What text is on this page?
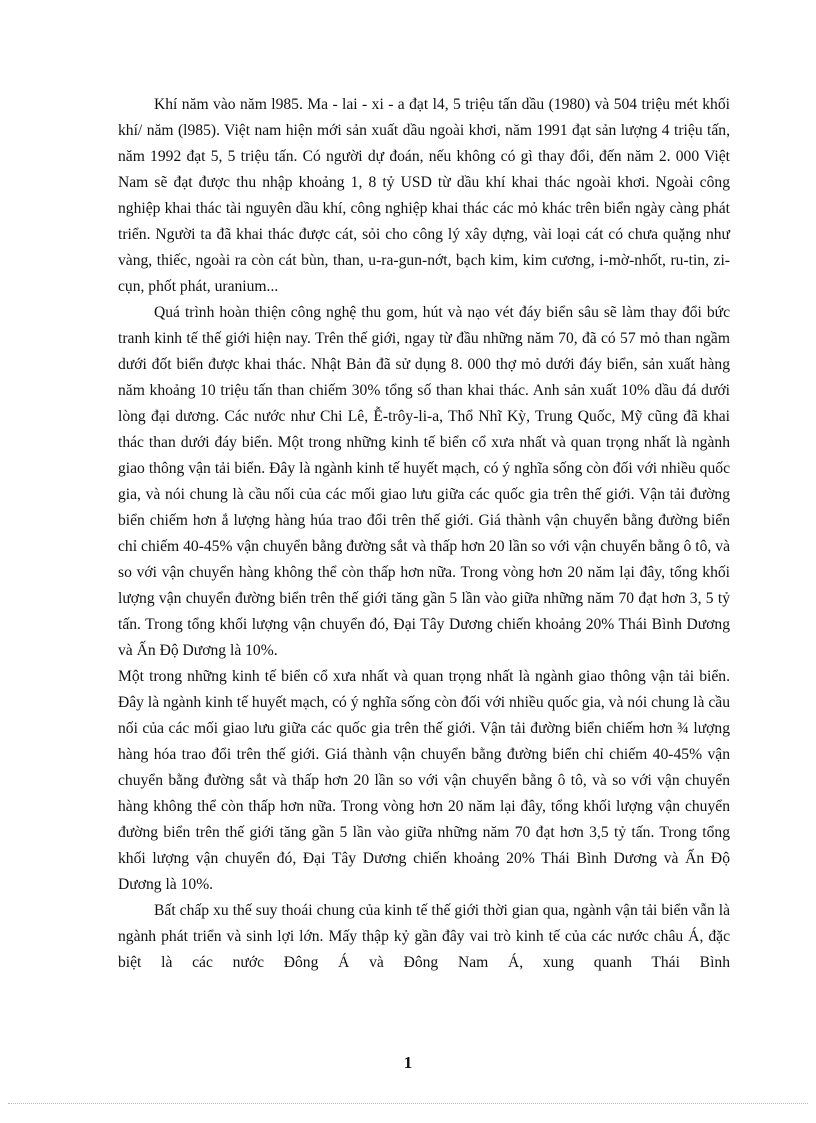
Khí năm vào năm l985. Ma - lai - xi - a đạt l4, 5 triệu tấn dầu (1980) và 504 triệu mét khối khí/ năm (l985). Việt nam hiện mới sản xuất dầu ngoài khơi, năm 1991 đạt sản lượng 4 triệu tấn, năm 1992 đạt 5, 5 triệu tấn. Có người dự đoán, nếu không có gì thay đổi, đến năm 2. 000 Việt Nam sẽ đạt được thu nhập khoảng 1, 8 tỷ USD từ dầu khí khai thác ngoài khơi. Ngoài công nghiệp khai thác tài nguyên dầu khí, công nghiệp khai thác các mỏ khác trên biển ngày càng phát triển. Người ta đã khai thác được cát, sỏi cho công lý xây dựng, vài loại cát có chưa quặng như vàng, thiếc, ngoài ra còn cát bùn, than, u-ra-gun-nớt, bạch kim, kim cương, i-mờ-nhốt, ru-tin, zi-cụn, phốt phát, uranium...

Quá trình hoàn thiện công nghệ thu gom, hút và nạo vét đáy biển sâu sẽ làm thay đổi bức tranh kinh tế thế giới hiện nay. Trên thế giới, ngay từ đầu những năm 70, đã có 57 mỏ than ngầm dưới đốt biển được khai thác. Nhật Bản đã sử dụng 8. 000 thợ mỏ dưới đáy biển, sản xuất hàng năm khoảng 10 triệu tấn than chiếm 30% tổng số than khai thác. Anh sản xuất 10% dầu đá dưới lòng đại dương. Các nước như Chi Lê, Ễ-trôy-li-a, Thổ Nhĩ Kỳ, Trung Quốc, Mỹ cũng đã khai thác than dưới đáy biển. Một trong những kinh tế biển cổ xưa nhất và quan trọng nhất là ngành giao thông vận tải biển. Đây là ngành kinh tế huyết mạch, có ý nghĩa sống còn đối với nhiều quốc gia, và nói chung là cầu nối của các mối giao lưu giữa các quốc gia trên thế giới. Vận tải đường biển chiếm hơn ắ lượng hàng húa trao đổi trên thế giới. Giá thành vận chuyển bằng đường biển chỉ chiếm 40-45% vận chuyển bằng đường sắt và thấp hơn 20 lần so với vận chuyển bằng ô tô, và so với vận chuyển hàng không thể còn thấp hơn nữa. Trong vòng hơn 20 năm lại đây, tổng khối lượng vận chuyển đường biển trên thế giới tăng gần 5 lần vào giữa những năm 70 đạt hơn 3, 5 tỷ tấn. Trong tổng khối lượng vận chuyển đó, Đại Tây Dương chiến khoảng 20% Thái Bình Dương và Ấn Độ Dương là 10%.

Một trong những kinh tế biển cổ xưa nhất và quan trọng nhất là ngành giao thông vận tải biển. Đây là ngành kinh tế huyết mạch, có ý nghĩa sống còn đối với nhiều quốc gia, và nói chung là cầu nối của các mối giao lưu giữa các quốc gia trên thế giới. Vận tải đường biển chiếm hơn ¾ lượng hàng hóa trao đổi trên thế giới. Giá thành vận chuyển bằng đường biển chỉ chiếm 40-45% vận chuyển bằng đường sắt và thấp hơn 20 lần so với vận chuyển bằng ô tô, và so với vận chuyển hàng không thể còn thấp hơn nữa. Trong vòng hơn 20 năm lại đây, tổng khối lượng vận chuyển đường biển trên thế giới tăng gần 5 lần vào giữa những năm 70 đạt hơn 3,5 tỷ tấn. Trong tổng khối lượng vận chuyển đó, Đại Tây Dương chiến khoảng 20% Thái Bình Dương và Ấn Độ Dương là 10%.

Bất chấp xu thế suy thoái chung của kinh tế thế giới thời gian qua, ngành vận tải biển vẫn là ngành phát triển và sinh lợi lớn. Mấy thập kỷ gần đây vai trò kinh tế của các nước châu Á, đặc biệt là các nước Đông Á và Đông Nam Á, xung quanh Thái Bình

1
